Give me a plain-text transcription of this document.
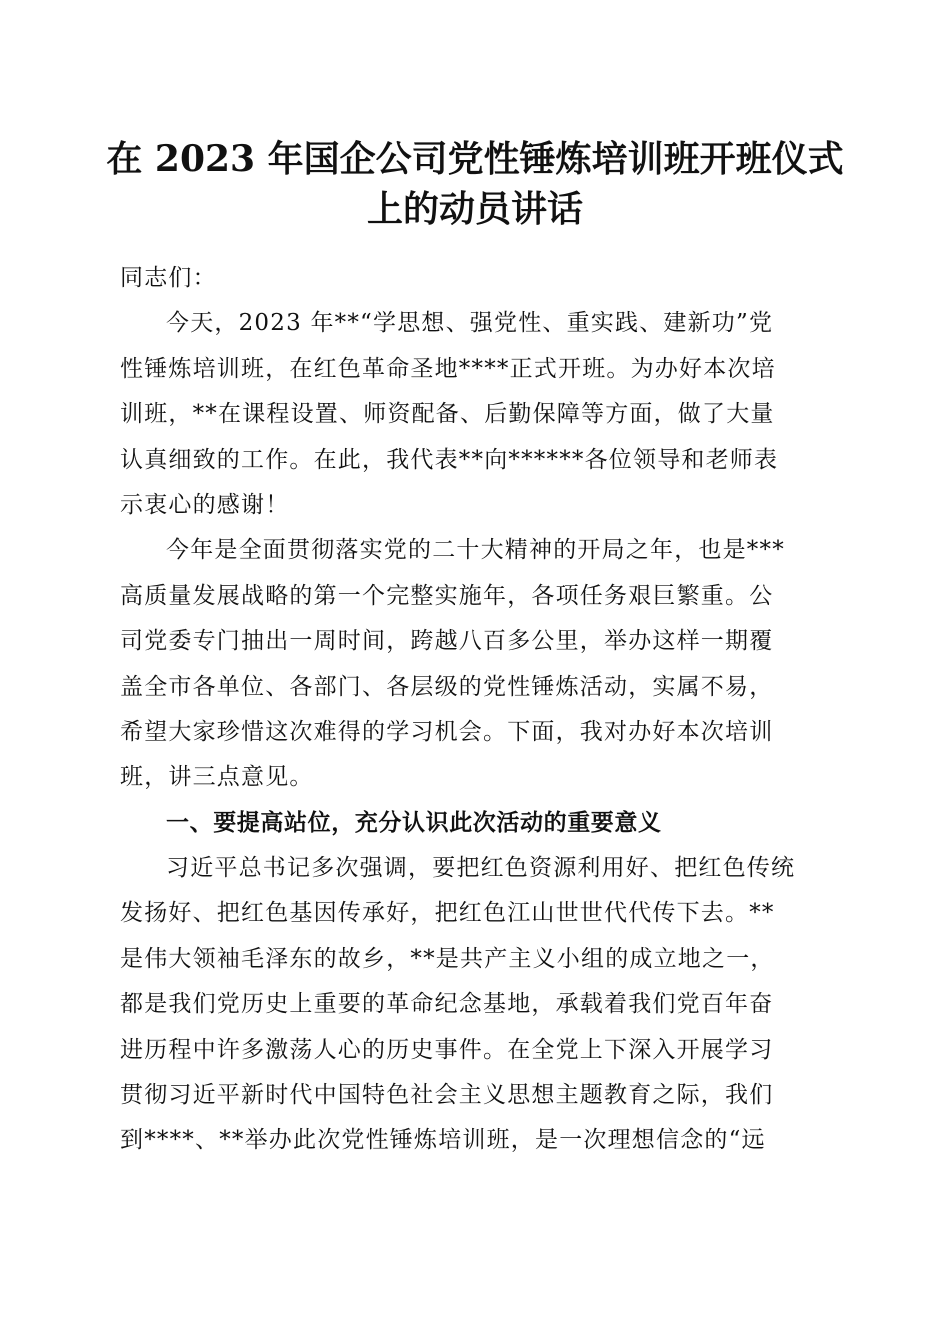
在 2023 年国企公司党性锤炼培训班开班仪式
上的动员讲话

同志们：

今天，2023 年**“学思想、强党性、重实践、建新功”党
性锤炼培训班，在红色革命圣地****正式开班。为办好本次培
训班，**在课程设置、师资配备、后勤保障等方面，做了大量
认真细致的工作。在此，我代表**向******各位领导和老师表
示衷心的感谢！

今年是全面贯彻落实党的二十大精神的开局之年，也是***
高质量发展战略的第一个完整实施年，各项任务艰巨繁重。公
司党委专门抽出一周时间，跨越八百多公里，举办这样一期覆
盖全市各单位、各部门、各层级的党性锤炼活动，实属不易，
希望大家珍惜这次难得的学习机会。下面，我对办好本次培训
班，讲三点意见。

一、要提高站位，充分认识此次活动的重要意义

习近平总书记多次强调，要把红色资源利用好、把红色传统
发扬好、把红色基因传承好，把红色江山世世代代传下去。**
是伟大领袖毛泽东的故乡，**是共产主义小组的成立地之一，
都是我们党历史上重要的革命纪念基地，承载着我们党百年奋
进历程中许多激荡人心的历史事件。在全党上下深入开展学习
贯彻习近平新时代中国特色社会主义思想主题教育之际，我们
到****、**举办此次党性锤炼培训班，是一次理想信念的“远
